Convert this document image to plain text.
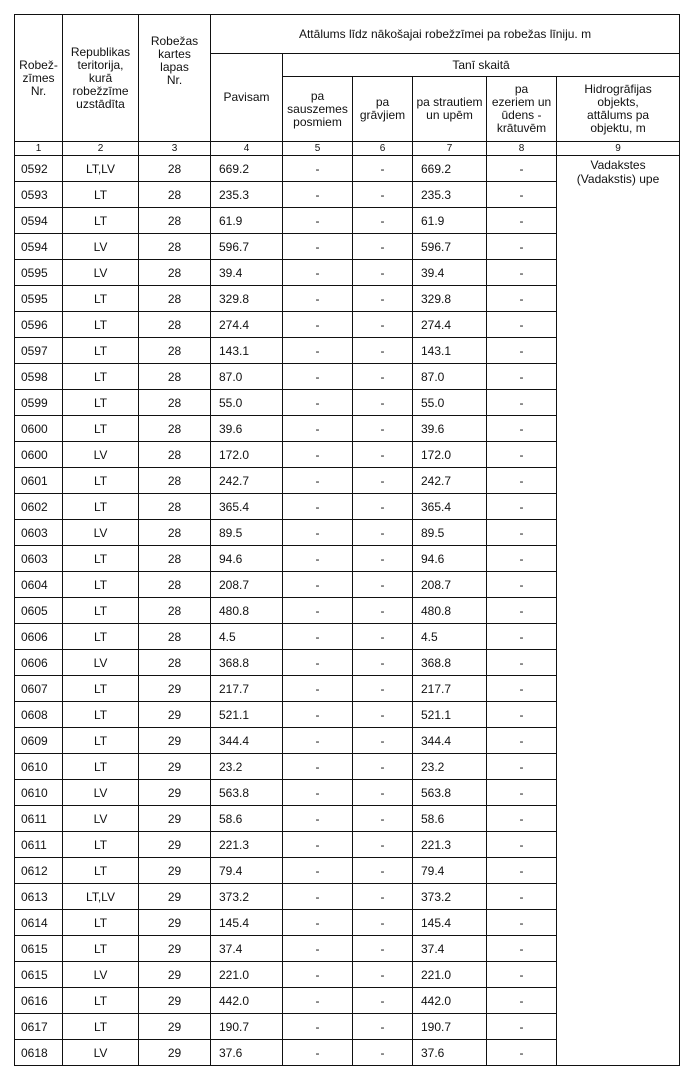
Robež-
zīmes
Nr.	Republikas
teritorija,
kurā
robežzīme
uzstādīta	Robežas
kartes
lapas
Nr.	Attālums līdz nākošajai robežzīmei pa robežas līniju. m					
			Pavisam	Tanī skaitā				
				pa
sauszemes
posmiem	pa
grāvjiem	pa strautiem
un upēm	pa
ezeriem un
ūdens -
krātuvēm	Hidrogrāfijas
objekts,
attālums pa
objektu, m
1	2	3	4	5	6	7	8	9
0592	LT,LV	28	669.2	-	-	669.2	-	Vadakstes
(Vadakstis) upe

0593	LT	28	235.3	-	-	235.3	-	
0594	LT	28	61.9	-	-	61.9	-	
0594	LV	28	596.7	-	-	596.7	-	
0595	LV	28	39.4	-	-	39.4	-	
0595	LT	28	329.8	-	-	329.8	-	
0596	LT	28	274.4	-	-	274.4	-	
0597	LT	28	143.1	-	-	143.1	-	
0598	LT	28	87.0	-	-	87.0	-	
0599	LT	28	55.0	-	-	55.0	-	
0600	LT	28	39.6	-	-	39.6	-	
0600	LV	28	172.0	-	-	172.0	-	
0601	LT	28	242.7	-	-	242.7	-	
0602	LT	28	365.4	-	-	365.4	-	
0603	LV	28	89.5	-	-	89.5	-	
0603	LT	28	94.6	-	-	94.6	-	
0604	LT	28	208.7	-	-	208.7	-	
0605	LT	28	480.8	-	-	480.8	-	
0606	LT	28	4.5	-	-	4.5	-	
0606	LV	28	368.8	-	-	368.8	-	
0607	LT	29	217.7	-	-	217.7	-	
0608	LT	29	521.1	-	-	521.1	-	
0609	LT	29	344.4	-	-	344.4	-	
0610	LT	29	23.2	-	-	23.2	-	
0610	LV	29	563.8	-	-	563.8	-	
0611	LV	29	58.6	-	-	58.6	-	
0611	LT	29	221.3	-	-	221.3	-	
0612	LT	29	79.4	-	-	79.4	-	
0613	LT,LV	29	373.2	-	-	373.2	-	
0614	LT	29	145.4	-	-	145.4	-	
0615	LT	29	37.4	-	-	37.4	-	
0615	LV	29	221.0	-	-	221.0	-	
0616	LT	29	442.0	-	-	442.0	-	
0617	LT	29	190.7	-	-	190.7	-	
0618	LV	29	37.6	-	-	37.6	-	
